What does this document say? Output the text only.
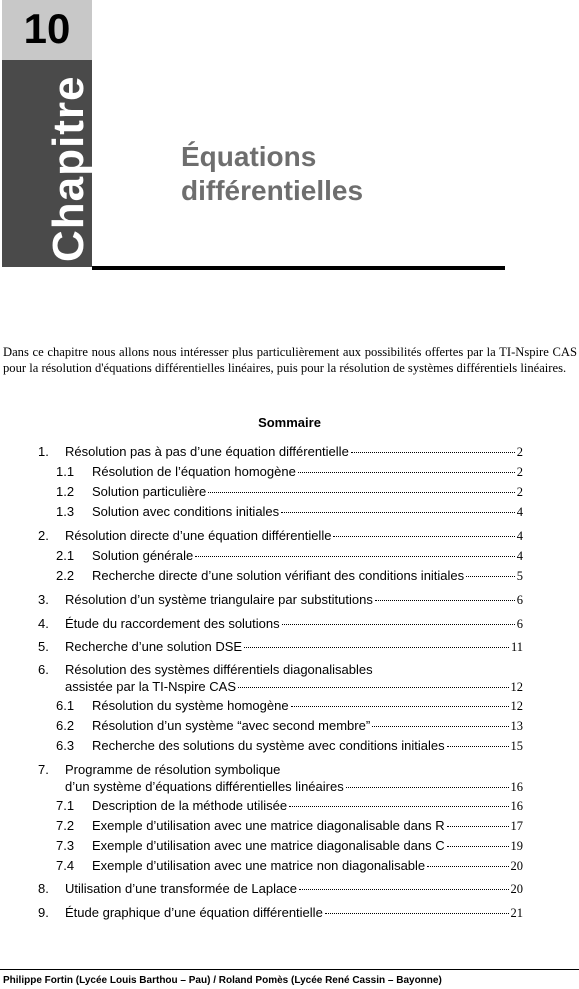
10
Chapitre	Équations
différentielles
Dans ce chapitre nous allons nous intéresser plus particulièrement aux possibilités offertes par la TI-Nspire CAS pour la résolution d'équations différentielles linéaires, puis pour la résolution de systèmes différentiels linéaires.
Sommaire
1. Résolution pas à pas d’une équation différentielle	2
1.1 Résolution de l’équation homogène	2
1.2 Solution particulière	2
1.3 Solution avec conditions initiales	4
2. Résolution directe d’une équation différentielle	4
2.1 Solution générale	4
2.2 Recherche directe d’une solution vérifiant des conditions initiales	5
3. Résolution d’un système triangulaire par substitutions	6
4. Étude du raccordement des solutions	6
5. Recherche d’une solution DSE	11
6. Résolution des systèmes différentiels diagonalisables
assistée par la TI-Nspire CAS	12
6.1 Résolution du système homogène	12
6.2 Résolution d’un système “avec second membre”	13
6.3 Recherche des solutions du système avec conditions initiales	15
7. Programme de résolution symbolique
d’un système d’équations différentielles linéaires	16
7.1 Description de la méthode utilisée	16
7.2 Exemple d’utilisation avec une matrice diagonalisable dans R	17
7.3 Exemple d’utilisation avec une matrice diagonalisable dans C	19
7.4 Exemple d’utilisation avec une matrice non diagonalisable	20
8. Utilisation d’une transformée de Laplace	20
9. Étude graphique d’une équation différentielle	21
Philippe Fortin (Lycée Louis Barthou – Pau) / Roland Pomès (Lycée René Cassin – Bayonne)
